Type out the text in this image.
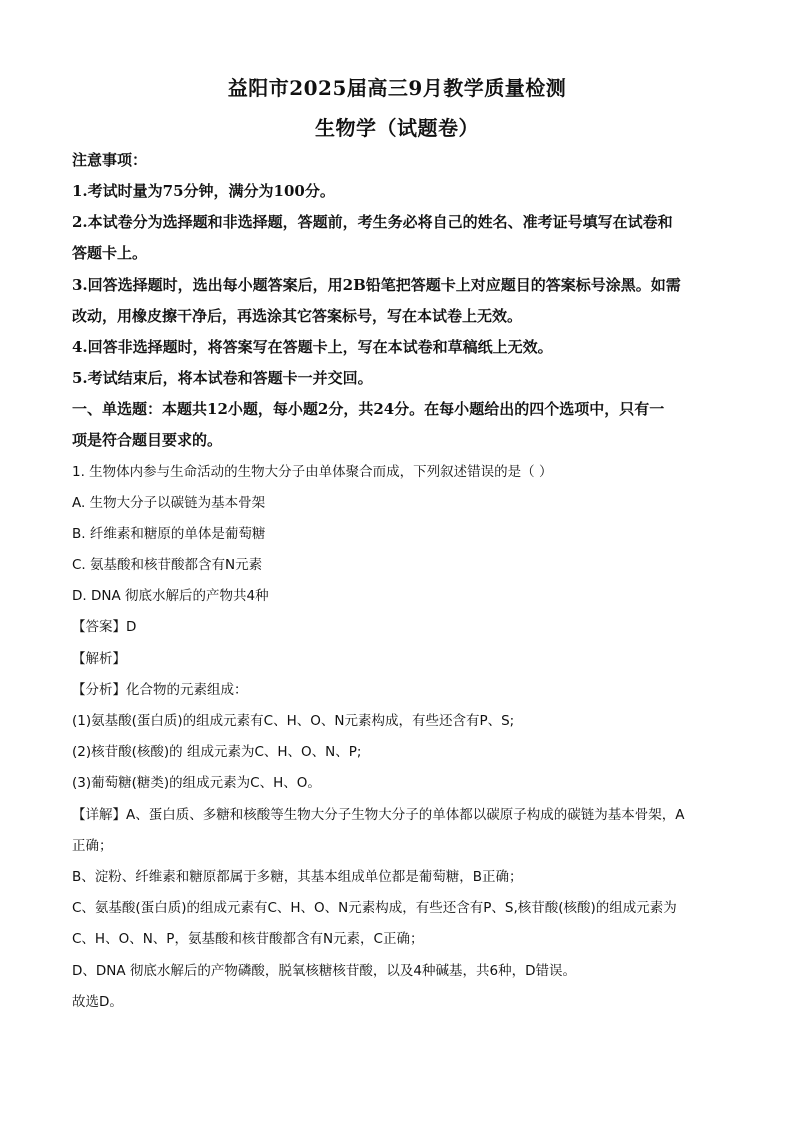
益阳市2025届高三9月教学质量检测
生物学（试题卷）
注意事项：
1.考试时量为75分钟，满分为100分。
2.本试卷分为选择题和非选择题，答题前，考生务必将自己的姓名、准考证号填写在试卷和
答题卡上。
3.回答选择题时，选出每小题答案后，用2B铅笔把答题卡上对应题目的答案标号涂黑。如需
改动，用橡皮擦干净后，再选涂其它答案标号，写在本试卷上无效。
4.回答非选择题时，将答案写在答题卡上，写在本试卷和草稿纸上无效。
5.考试结束后，将本试卷和答题卡一并交回。
一、单选题：本题共12小题，每小题2分，共24分。在每小题给出的四个选项中，只有一
项是符合题目要求的。
1. 生物体内参与生命活动的生物大分子由单体聚合而成，下列叙述错误的是（ ）
A. 生物大分子以碳链为基本骨架
B. 纤维素和糖原的单体是葡萄糖
C. 氨基酸和核苷酸都含有N元素
D. DNA 彻底水解后的产物共4种
【答案】D
【解析】
【分析】化合物的元素组成：
(1)氨基酸(蛋白质)的组成元素有C、H、O、N元素构成，有些还含有P、S;
(2)核苷酸(核酸)的 组成元素为C、H、O、N、P;
(3)葡萄糖(糖类)的组成元素为C、H、O。
【详解】A、蛋白质、多糖和核酸等生物大分子生物大分子的单体都以碳原子构成的碳链为基本骨架，A
正确；
B、淀粉、纤维素和糖原都属于多糖，其基本组成单位都是葡萄糖，B正确；
C、氨基酸(蛋白质)的组成元素有C、H、O、N元素构成，有些还含有P、S,核苷酸(核酸)的组成元素为
C、H、O、N、P，氨基酸和核苷酸都含有N元素，C正确；
D、DNA 彻底水解后的产物磷酸，脱氧核糖核苷酸，以及4种碱基，共6种，D错误。
故选D。
